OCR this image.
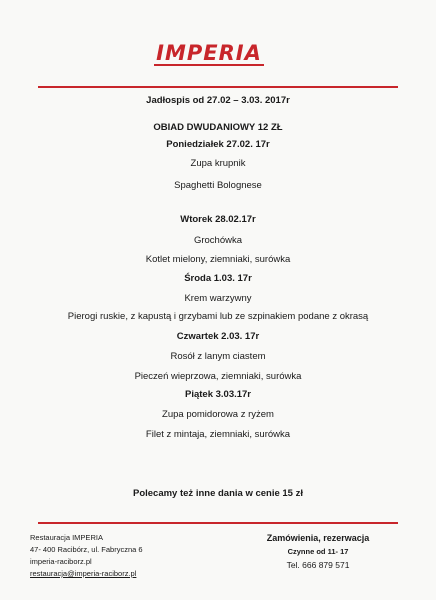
IMPERIA
Jadłospis od 27.02 – 3.03. 2017r
OBIAD DWUDANIOWY 12 ZŁ
Poniedziałek 27.02. 17r
Zupa krupnik
Spaghetti Bolognese
Wtorek 28.02.17r
Grochówka
Kotlet mielony, ziemniaki, surówka
Środa 1.03. 17r
Krem warzywny
Pierogi ruskie, z kapustą i grzybami lub ze szpinakiem podane z okrasą
Czwartek 2.03. 17r
Rosół z lanym ciastem
Pieczeń wieprzowa, ziemniaki, surówka
Piątek 3.03.17r
Zupa pomidorowa z ryżem
Filet z mintaja, ziemniaki, surówka
Polecamy też inne dania w cenie 15 zł
Restauracja IMPERIA
47- 400 Racibórz, ul. Fabryczna 6
imperia-raciborz.pl
restauracja@imperia-raciborz.pl
Zamówienia, rezerwacja
Czynne od 11- 17
Tel. 666 879 571
